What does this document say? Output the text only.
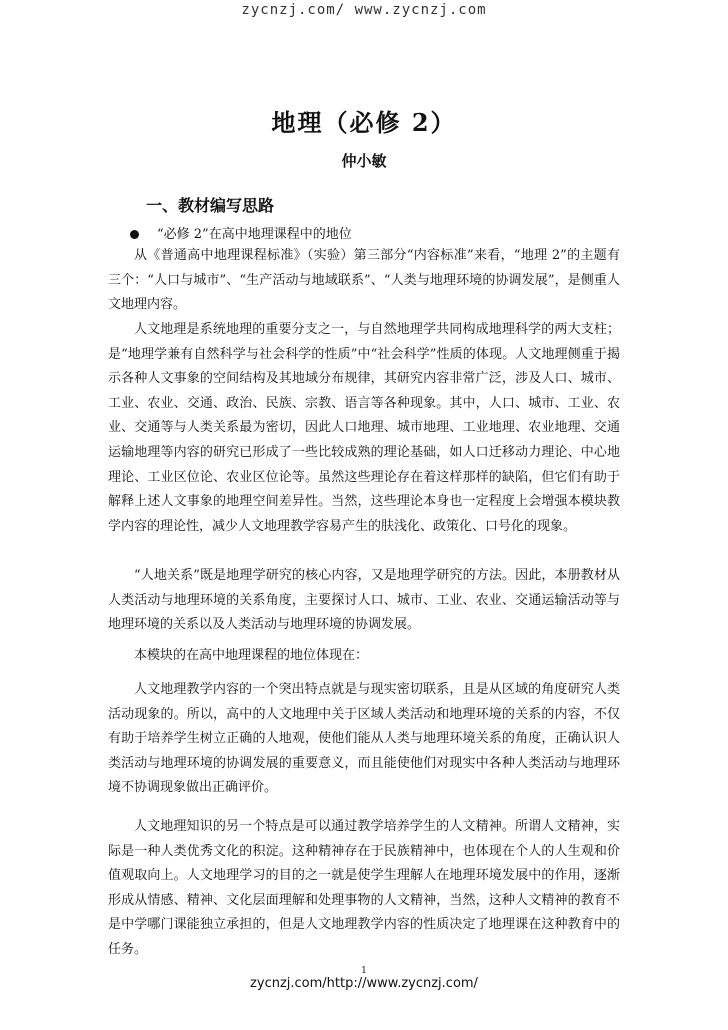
zycnzj.com/ www.zycnzj.com
地理（必修 2）
仲小敏
一、教材编写思路
“必修 2”在高中地理课程中的地位

从《普通高中地理课程标准》（实验）第三部分“内容标准”来看，“地理 2”的主题有三个：“人口与城市”、“生产活动与地域联系”、“人类与地理环境的协调发展”，是侧重人文地理内容。

人文地理是系统地理的重要分支之一，与自然地理学共同构成地理科学的两大支柱；是“地理学兼有自然科学与社会科学的性质”中“社会科学”性质的体现。人文地理侧重于揭示各种人文事象的空间结构及其地域分布规律，其研究内容非常广泛，涉及人口、城市、工业、农业、交通、政治、民族、宗教、语言等各种现象。其中，人口、城市、工业、农业、交通等与人类关系最为密切，因此人口地理、城市地理、工业地理、农业地理、交通运输地理等内容的研究已形成了一些比较成熟的理论基础，如人口迁移动力理论、中心地理论、工业区位论、农业区位论等。虽然这些理论存在着这样那样的缺陷，但它们有助于解释上述人文事象的地理空间差异性。当然，这些理论本身也一定程度上会增强本模块教学内容的理论性，减少人文地理教学容易产生的肤浅化、政策化、口号化的现象。

“人地关系”既是地理学研究的核心内容，又是地理学研究的方法。因此，本册教材从人类活动与地理环境的关系角度，主要探讨人口、城市、工业、农业、交通运输活动等与地理环境的关系以及人类活动与地理环境的协调发展。

本模块的在高中地理课程的地位体现在：

人文地理教学内容的一个突出特点就是与现实密切联系，且是从区域的角度研究人类活动现象的。所以，高中的人文地理中关于区域人类活动和地理环境的关系的内容，不仅有助于培养学生树立正确的人地观，使他们能从人类与地理环境关系的角度，正确认识人类活动与地理环境的协调发展的重要意义，而且能使他们对现实中各种人类活动与地理环境不协调现象做出正确评价。

人文地理知识的另一个特点是可以通过教学培养学生的人文精神。所谓人文精神，实际是一种人类优秀文化的积淀。这种精神存在于民族精神中，也体现在个人的人生观和价值观取向上。人文地理学习的目的之一就是使学生理解人在地理环境发展中的作用，逐渐形成从情感、精神、文化层面理解和处理事物的人文精神，当然，这种人文精神的教育不是中学哪门课能独立承担的，但是人文地理教学内容的性质决定了地理课在这种教育中的任务。

1
zycnzj.com/http://www.zycnzj.com/
